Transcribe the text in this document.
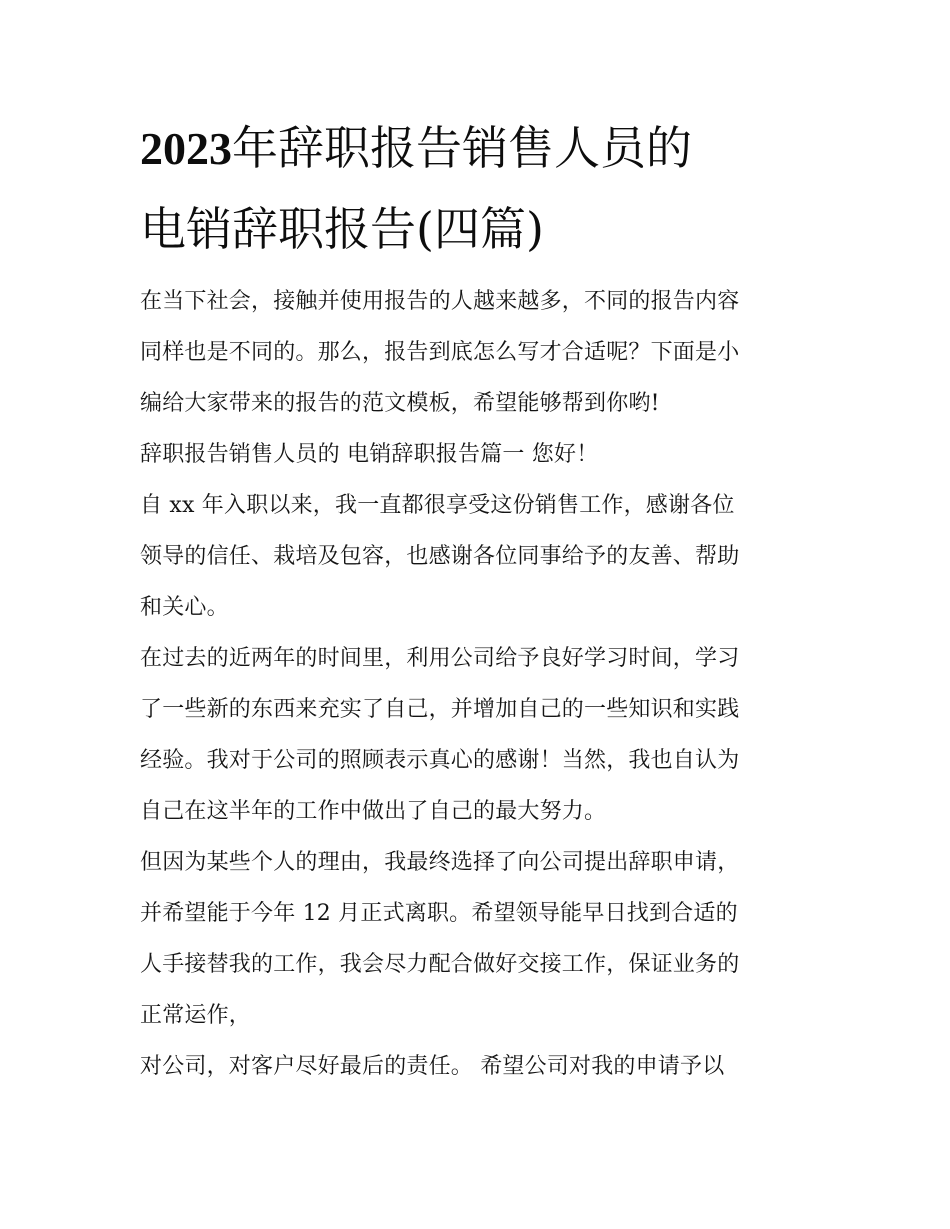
2023年辞职报告销售人员的
电销辞职报告(四篇)
在当下社会，接触并使用报告的人越来越多，不同的报告内容
同样也是不同的。那么，报告到底怎么写才合适呢？下面是小
编给大家带来的报告的范文模板，希望能够帮到你哟!
辞职报告销售人员的 电销辞职报告篇一 您好！
自 xx 年入职以来，我一直都很享受这份销售工作，感谢各位
领导的信任、栽培及包容，也感谢各位同事给予的友善、帮助
和关心。
在过去的近两年的时间里，利用公司给予良好学习时间，学习
了一些新的东西来充实了自己，并增加自己的一些知识和实践
经验。我对于公司的照顾表示真心的感谢！当然，我也自认为
自己在这半年的工作中做出了自己的最大努力。
但因为某些个人的理由，我最终选择了向公司提出辞职申请，
并希望能于今年 12 月正式离职。希望领导能早日找到合适的
人手接替我的工作，我会尽力配合做好交接工作，保证业务的
正常运作，
对公司，对客户尽好最后的责任。 希望公司对我的申请予以
